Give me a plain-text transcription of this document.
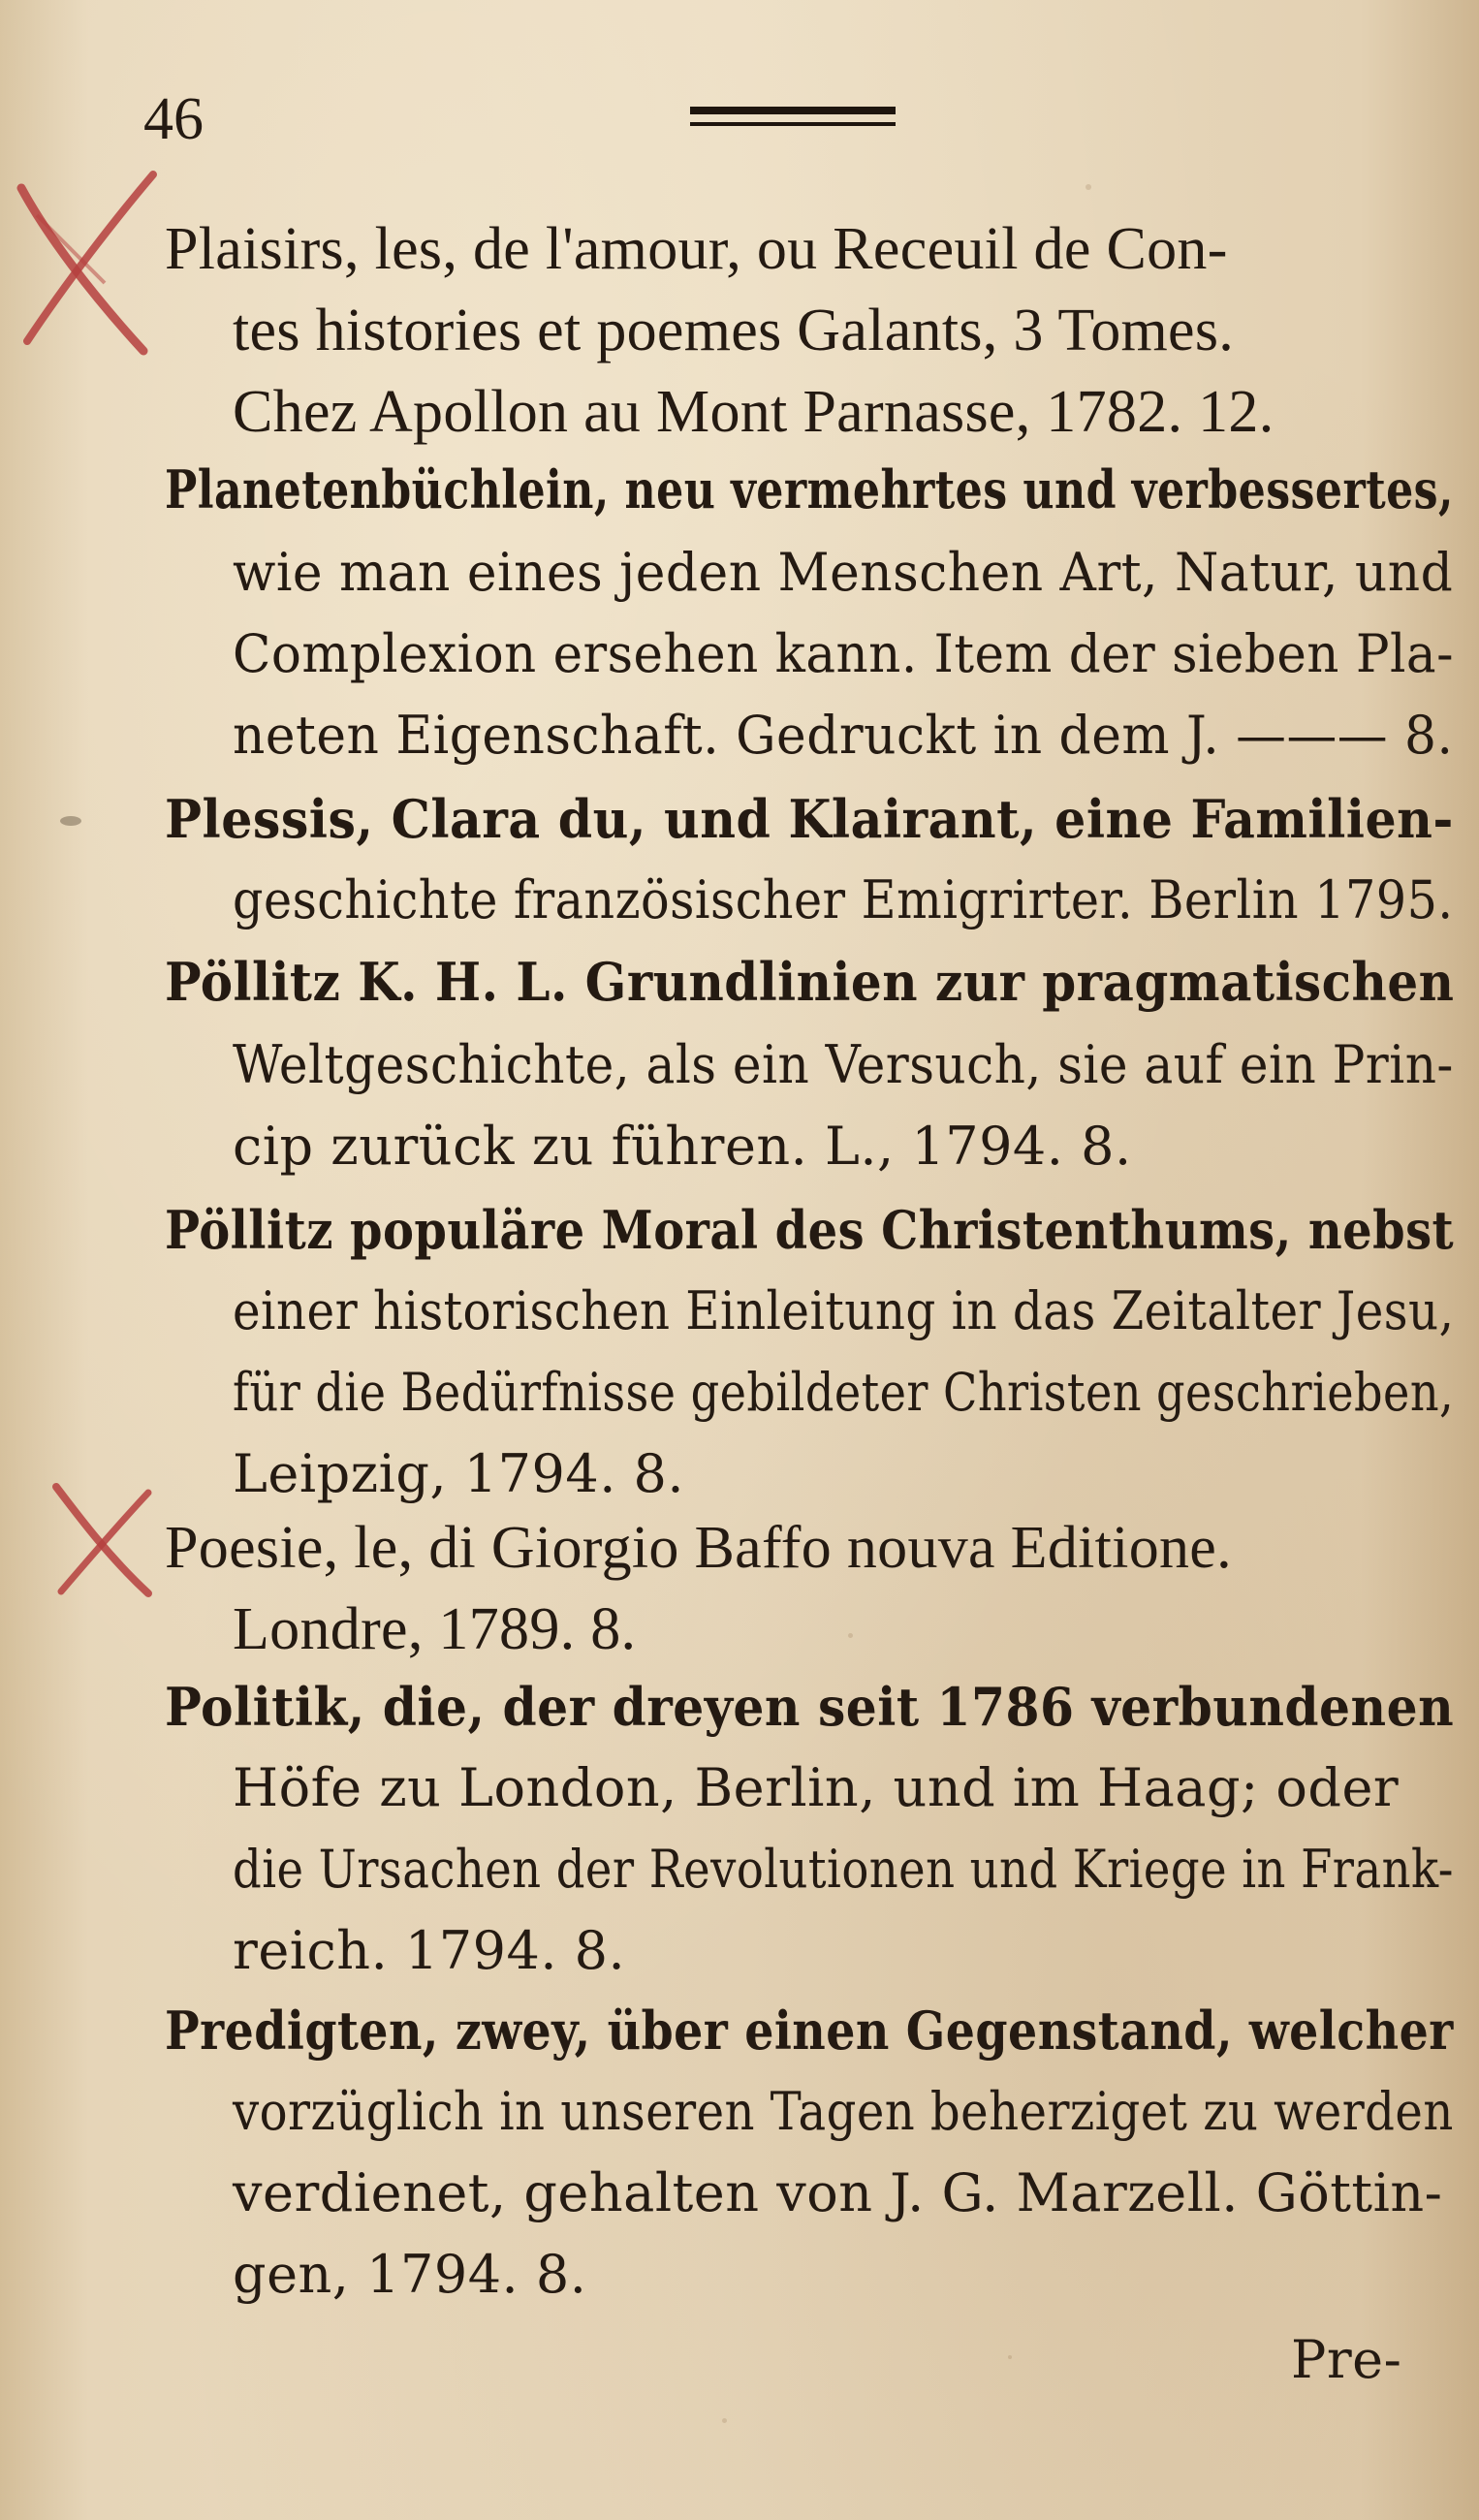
46
Plaisirs, les, de l'amour, ou Receuil de Con-
tes histories et poemes Galants, 3 Tomes.
Chez Apollon au Mont Parnasse, 1782. 12.
Planetenbüchlein, neu vermehrtes und verbessertes,
wie man eines jeden Menschen Art, Natur, und
Complexion ersehen kann. Item der sieben Pla-
neten Eigenschaft. Gedruckt in dem J. ——— 8.
Plessis, Clara du, und Klairant, eine Familien-
geschichte französischer Emigrirter. Berlin 1795.
Pöllitz K. H. L. Grundlinien zur pragmatischen
Weltgeschichte, als ein Versuch, sie auf ein Prin-
cip zurück zu führen. L., 1794. 8.
Pöllitz populäre Moral des Christenthums, nebst
einer historischen Einleitung in das Zeitalter Jesu,
für die Bedürfnisse gebildeter Christen geschrieben,
Leipzig, 1794. 8.
Poesie, le, di Giorgio Baffo nouva Editione.
Londre, 1789. 8.
Politik, die, der dreyen seit 1786 verbundenen
Höfe zu London, Berlin, und im Haag; oder
die Ursachen der Revolutionen und Kriege in Frank-
reich. 1794. 8.
Predigten, zwey, über einen Gegenstand, welcher
vorzüglich in unseren Tagen beherziget zu werden
verdienet, gehalten von J. G. Marzell. Göttin-
gen, 1794. 8.
Pre-
